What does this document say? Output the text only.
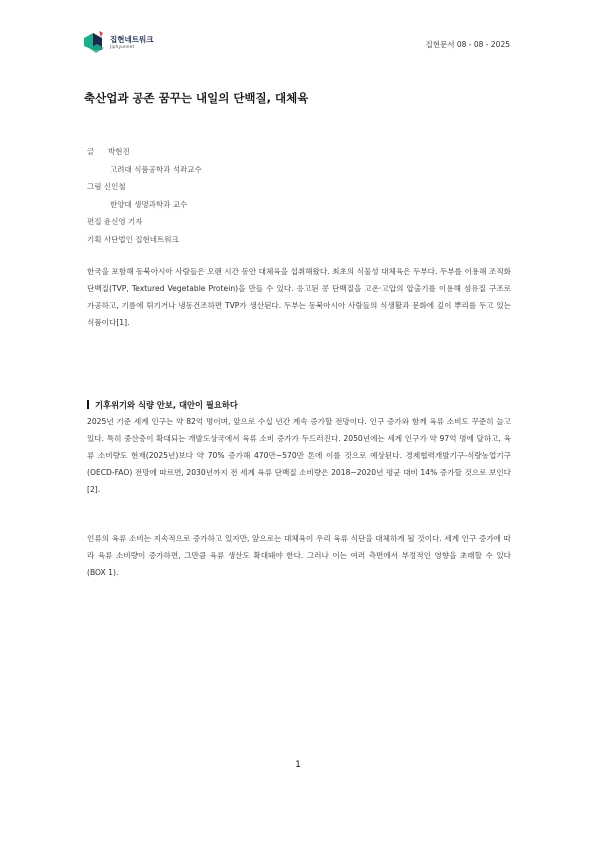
집현네트워크
Jiphyunnet	집현문서 08 - 08 - 2025
축산업과 공존 꿈꾸는 내일의 단백질, 대체육
글 박현진
고려대 식품공학과 석좌교수
그림 신인철
한양대 생명과학과 교수
편집 윤신영 기자
기획 사단법인 집현네트워크

한국을 포함해 동북아시아 사람들은 오랜 시간 동안 대체육을 섭취해왔다. 최초의 식물성 대체육은 두부다. 두부를 이용해 조직화 단백질(TVP, Textured Vegetable Protein)을 만들 수 있다. 응고된 콩 단백질을 고온·고압의 압출기를 이용해 섬유질 구조로 가공하고, 기름에 튀기거나 냉동건조하면 TVP가 생산된다. 두부는 동북아시아 사람들의 식생활과 문화에 깊이 뿌리를 두고 있는 식품이다[1].

기후위기와 식량 안보, 대안이 필요하다

2025년 기준 세계 인구는 약 82억 명이며, 앞으로 수십 년간 계속 증가할 전망이다. 인구 증가와 함께 육류 소비도 꾸준히 늘고 있다. 특히 중산층이 확대되는 개발도상국에서 육류 소비 증가가 두드러진다. 2050년에는 세계 인구가 약 97억 명에 달하고, 육류 소비량도 현재(2025년)보다 약 70% 증가해 470만~570만 톤에 이를 것으로 예상된다. 경제협력개발기구-식량농업기구(OECD-FAO) 전망에 따르면, 2030년까지 전 세계 육류 단백질 소비량은 2018~2020년 평균 대비 14% 증가할 것으로 보인다[2].

인류의 육류 소비는 지속적으로 증가하고 있지만, 앞으로는 대체육이 우리 육류 식단을 대체하게 될 것이다. 세계 인구 증가에 따라 육류 소비량이 증가하면, 그만큼 육류 생산도 확대돼야 한다. 그러나 이는 여러 측면에서 부정적인 영향을 초래할 수 있다 (BOX 1).

1
